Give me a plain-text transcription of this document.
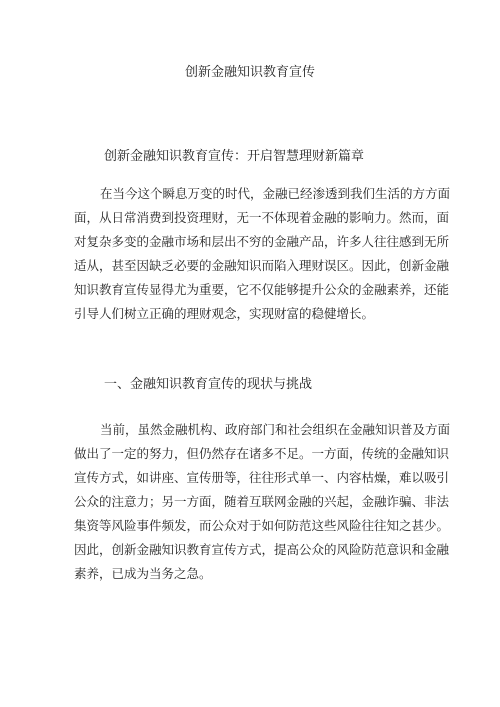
创新金融知识教育宣传
创新金融知识教育宣传：开启智慧理财新篇章
在当今这个瞬息万变的时代，金融已经渗透到我们生活的方方面
面，从日常消费到投资理财，无一不体现着金融的影响力。然而，面
对复杂多变的金融市场和层出不穷的金融产品，许多人往往感到无所
适从，甚至因缺乏必要的金融知识而陷入理财误区。因此，创新金融
知识教育宣传显得尤为重要，它不仅能够提升公众的金融素养，还能
引导人们树立正确的理财观念，实现财富的稳健增长。
一、金融知识教育宣传的现状与挑战
当前，虽然金融机构、政府部门和社会组织在金融知识普及方面
做出了一定的努力，但仍然存在诸多不足。一方面，传统的金融知识
宣传方式，如讲座、宣传册等，往往形式单一、内容枯燥，难以吸引
公众的注意力；另一方面，随着互联网金融的兴起，金融诈骗、非法
集资等风险事件频发，而公众对于如何防范这些风险往往知之甚少。
因此，创新金融知识教育宣传方式，提高公众的风险防范意识和金融
素养，已成为当务之急。
